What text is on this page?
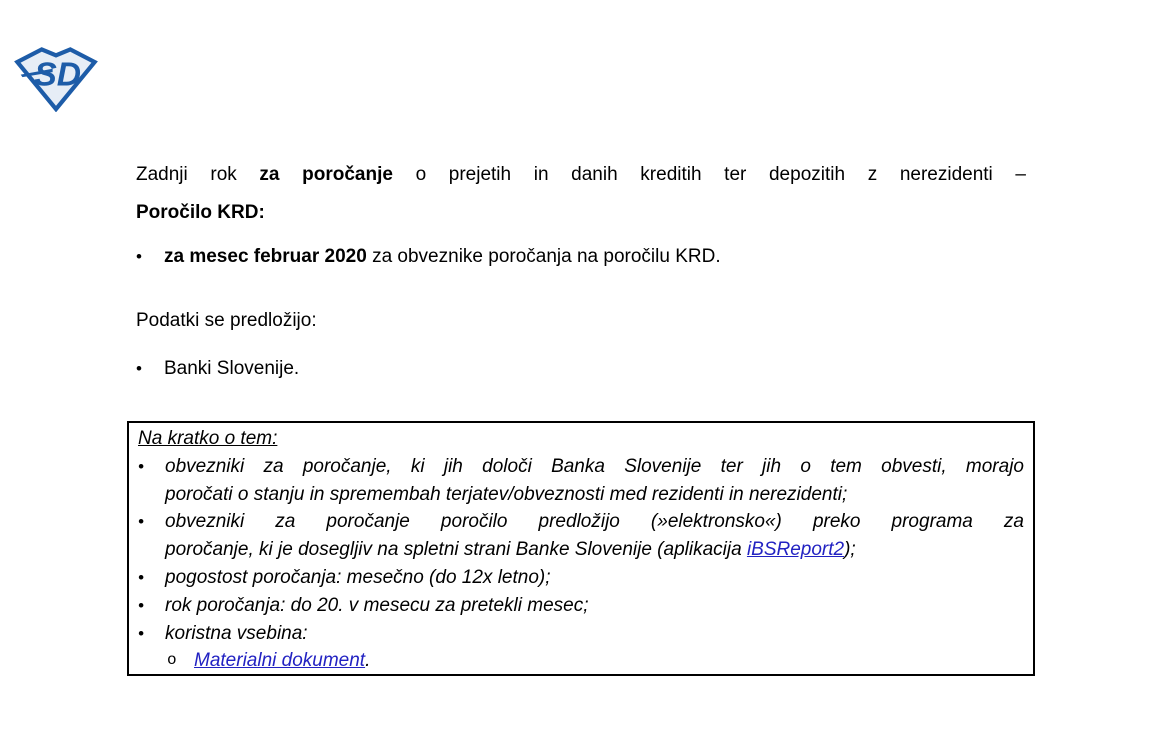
SD
Zadnji rok za poročanje o prejetih in danih kreditih ter depozitih z nerezidenti –
Poročilo KRD:
•	za mesec februar 2020 za obveznike poročanja na poročilu KRD.
Podatki se predložijo:
•	Banki Slovenije.
Na kratko o tem:
•	obvezniki za poročanje, ki jih določi Banka Slovenije ter jih o tem obvesti, morajo
poročati o stanju in spremembah terjatev/obveznosti med rezidenti in nerezidenti;
•	obvezniki za poročanje poročilo predložijo (»elektronsko«) preko programa za
poročanje, ki je dosegljiv na spletni strani Banke Slovenije (aplikacija iBSReport2);
•	pogostost poročanja: mesečno (do 12x letno);
•	rok poročanja: do 20. v mesecu za pretekli mesec;
•	koristna vsebina:
o Materialni dokument.
